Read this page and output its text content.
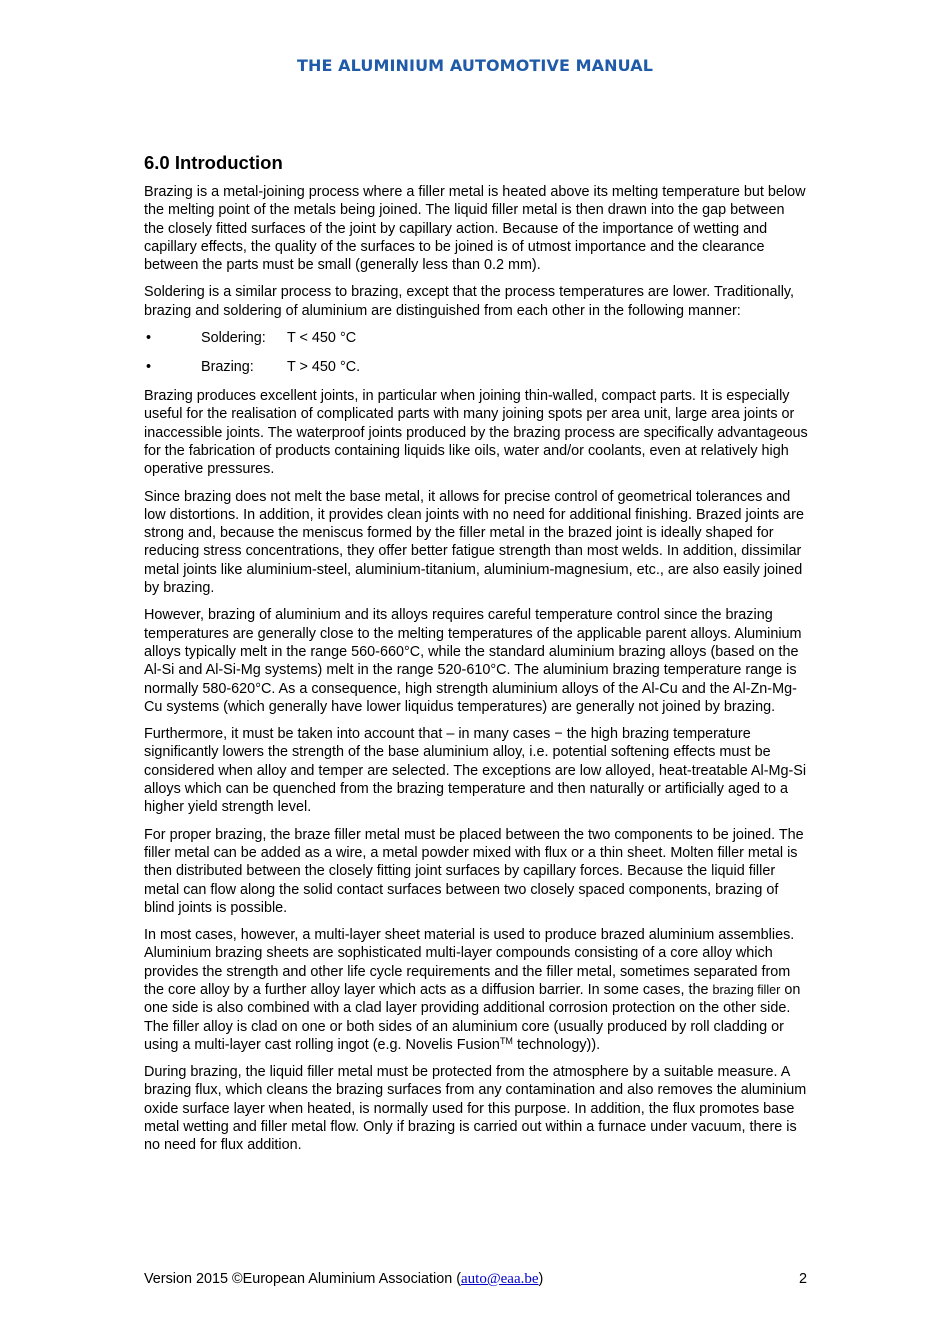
THE ALUMINIUM AUTOMOTIVE MANUAL
6.0 Introduction

Brazing is a metal-joining process where a filler metal is heated above its melting temperature but below the melting point of the metals being joined. The liquid filler metal is then drawn into the gap between the closely fitted surfaces of the joint by capillary action. Because of the importance of wetting and capillary effects, the quality of the surfaces to be joined is of utmost importance and the clearance between the parts must be small (generally less than 0.2 mm).

Soldering is a similar process to brazing, except that the process temperatures are lower. Traditionally, brazing and soldering of aluminium are distinguished from each other in the following manner:

•	Soldering: T < 450 °C
•	Brazing: T > 450 °C.

Brazing produces excellent joints, in particular when joining thin-walled, compact parts. It is especially useful for the realisation of complicated parts with many joining spots per area unit, large area joints or inaccessible joints. The waterproof joints produced by the brazing process are specifically advantageous for the fabrication of products containing liquids like oils, water and/or coolants, even at relatively high operative pressures.

Since brazing does not melt the base metal, it allows for precise control of geometrical tolerances and low distortions. In addition, it provides clean joints with no need for additional finishing. Brazed joints are strong and, because the meniscus formed by the filler metal in the brazed joint is ideally shaped for reducing stress concentrations, they offer better fatigue strength than most welds. In addition, dissimilar metal joints like aluminium-steel, aluminium-titanium, aluminium-magnesium, etc., are also easily joined by brazing.

However, brazing of aluminium and its alloys requires careful temperature control since the brazing temperatures are generally close to the melting temperatures of the applicable parent alloys. Aluminium alloys typically melt in the range 560-660°C, while the standard aluminium brazing alloys (based on the Al-Si and Al-Si-Mg systems) melt in the range 520-610°C. The aluminium brazing temperature range is normally 580-620°C. As a consequence, high strength aluminium alloys of the Al-Cu and the Al-Zn-Mg-Cu systems (which generally have lower liquidus temperatures) are generally not joined by brazing.

Furthermore, it must be taken into account that – in many cases − the high brazing temperature significantly lowers the strength of the base aluminium alloy, i.e. potential softening effects must be considered when alloy and temper are selected. The exceptions are low alloyed, heat-treatable Al-Mg-Si alloys which can be quenched from the brazing temperature and then naturally or artificially aged to a higher yield strength level.

For proper brazing, the braze filler metal must be placed between the two components to be joined. The filler metal can be added as a wire, a metal powder mixed with flux or a thin sheet. Molten filler metal is then distributed between the closely fitting joint surfaces by capillary forces. Because the liquid filler metal can flow along the solid contact surfaces between two closely spaced components, brazing of blind joints is possible.

In most cases, however, a multi-layer sheet material is used to produce brazed aluminium assemblies. Aluminium brazing sheets are sophisticated multi-layer compounds consisting of a core alloy which provides the strength and other life cycle requirements and the filler metal, sometimes separated from the core alloy by a further alloy layer which acts as a diffusion barrier. In some cases, the brazing filler on one side is also combined with a clad layer providing additional corrosion protection on the other side. The filler alloy is clad on one or both sides of an aluminium core (usually produced by roll cladding or using a multi-layer cast rolling ingot (e.g. Novelis Fusion™ technology)).

During brazing, the liquid filler metal must be protected from the atmosphere by a suitable measure. A brazing flux, which cleans the brazing surfaces from any contamination and also removes the aluminium oxide surface layer when heated, is normally used for this purpose. In addition, the flux promotes base metal wetting and filler metal flow. Only if brazing is carried out within a furnace under vacuum, there is no need for flux addition.

Version 2015 ©European Aluminium Association (auto@eaa.be)	2
